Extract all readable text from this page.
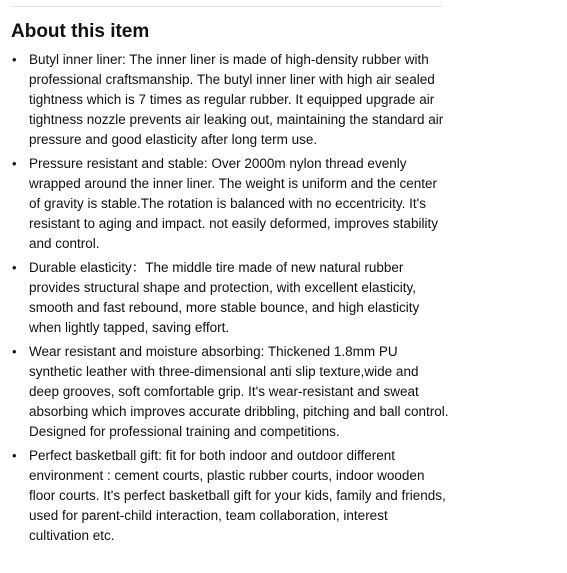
About this item
• Butyl inner liner: The inner liner is made of high-density rubber with professional craftsmanship. The butyl inner liner with high air sealed tightness which is 7 times as regular rubber. It equipped upgrade air tightness nozzle prevents air leaking out, maintaining the standard air pressure and good elasticity after long term use.
• Pressure resistant and stable: Over 2000m nylon thread evenly wrapped around the inner liner. The weight is uniform and the center of gravity is stable.The rotation is balanced with no eccentricity. It's resistant to aging and impact. not easily deformed, improves stability and control.
• Durable elasticity：The middle tire made of new natural rubber provides structural shape and protection, with excellent elasticity, smooth and fast rebound, more stable bounce, and high elasticity when lightly tapped, saving effort.
• Wear resistant and moisture absorbing: Thickened 1.8mm PU synthetic leather with three-dimensional anti slip texture,wide and deep grooves, soft comfortable grip. It's wear-resistant and sweat absorbing which improves accurate dribbling, pitching and ball control. Designed for professional training and competitions.
• Perfect basketball gift: fit for both indoor and outdoor different environment : cement courts, plastic rubber courts, indoor wooden floor courts. It's perfect basketball gift for your kids, family and friends, used for parent-child interaction, team collaboration, interest cultivation etc.
